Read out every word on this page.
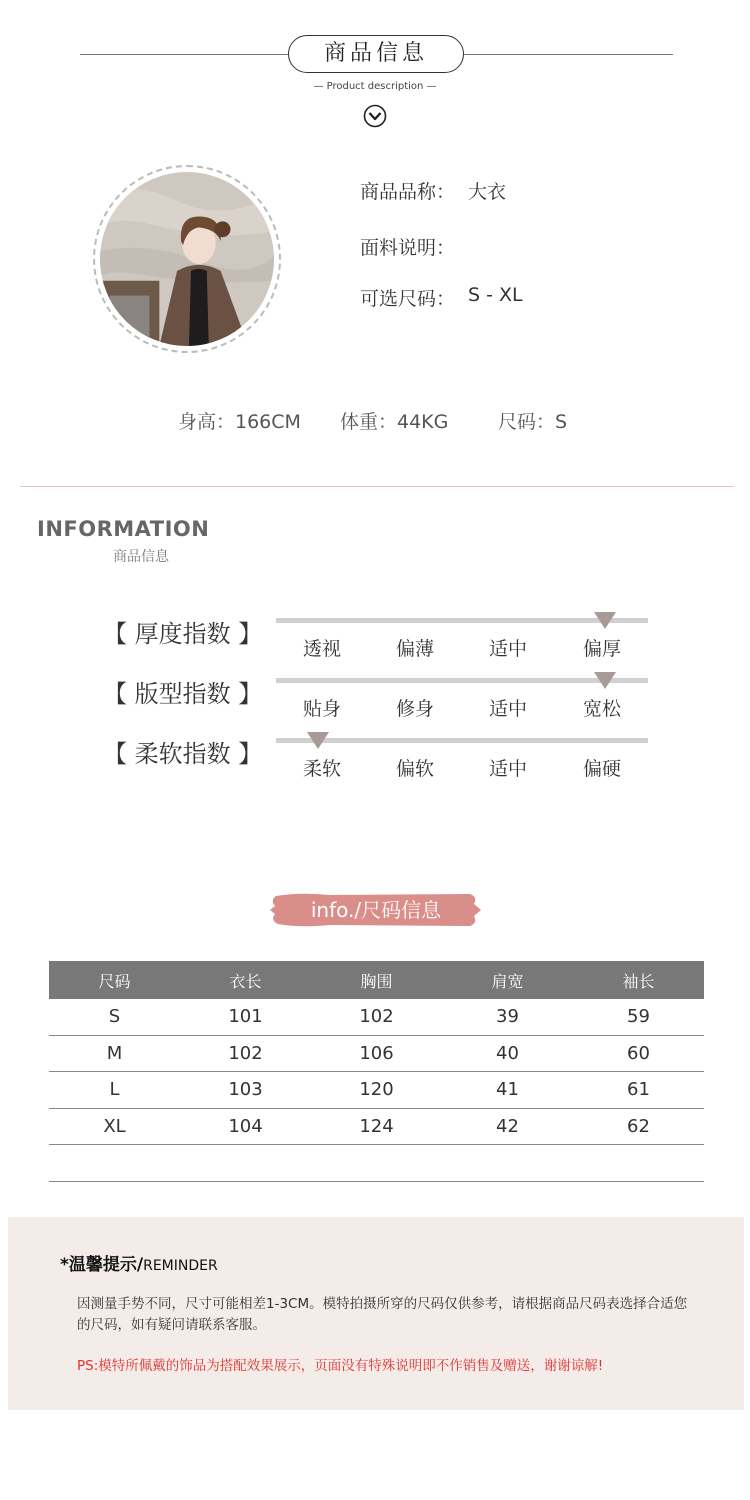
商品信息
— Product description —
商品品称： 大衣
面料说明：
可选尺码： S - XL
身高：166CM 体重：44KG	尺码：S
INFORMATION
商品信息
【 厚度指数 】
透视	偏薄	适中	偏厚
【 版型指数 】
贴身	修身	适中	宽松
【 柔软指数 】
柔软	偏软	适中	偏硬
info./尺码信息
尺码	衣长	胸围	肩宽	袖长
S	101	102	39	59
M	102	106	40	60
L	103	120	41	61
XL	104	124	42	62
*温馨提示/REMINDER
因测量手势不同，尺寸可能相差1-3CM。模特拍摄所穿的尺码仅供参考，请根据商品尺码表选择合适您的尺码，如有疑问请联系客服。
PS:模特所佩戴的饰品为搭配效果展示，页面没有特殊说明即不作销售及赠送，谢谢谅解!
